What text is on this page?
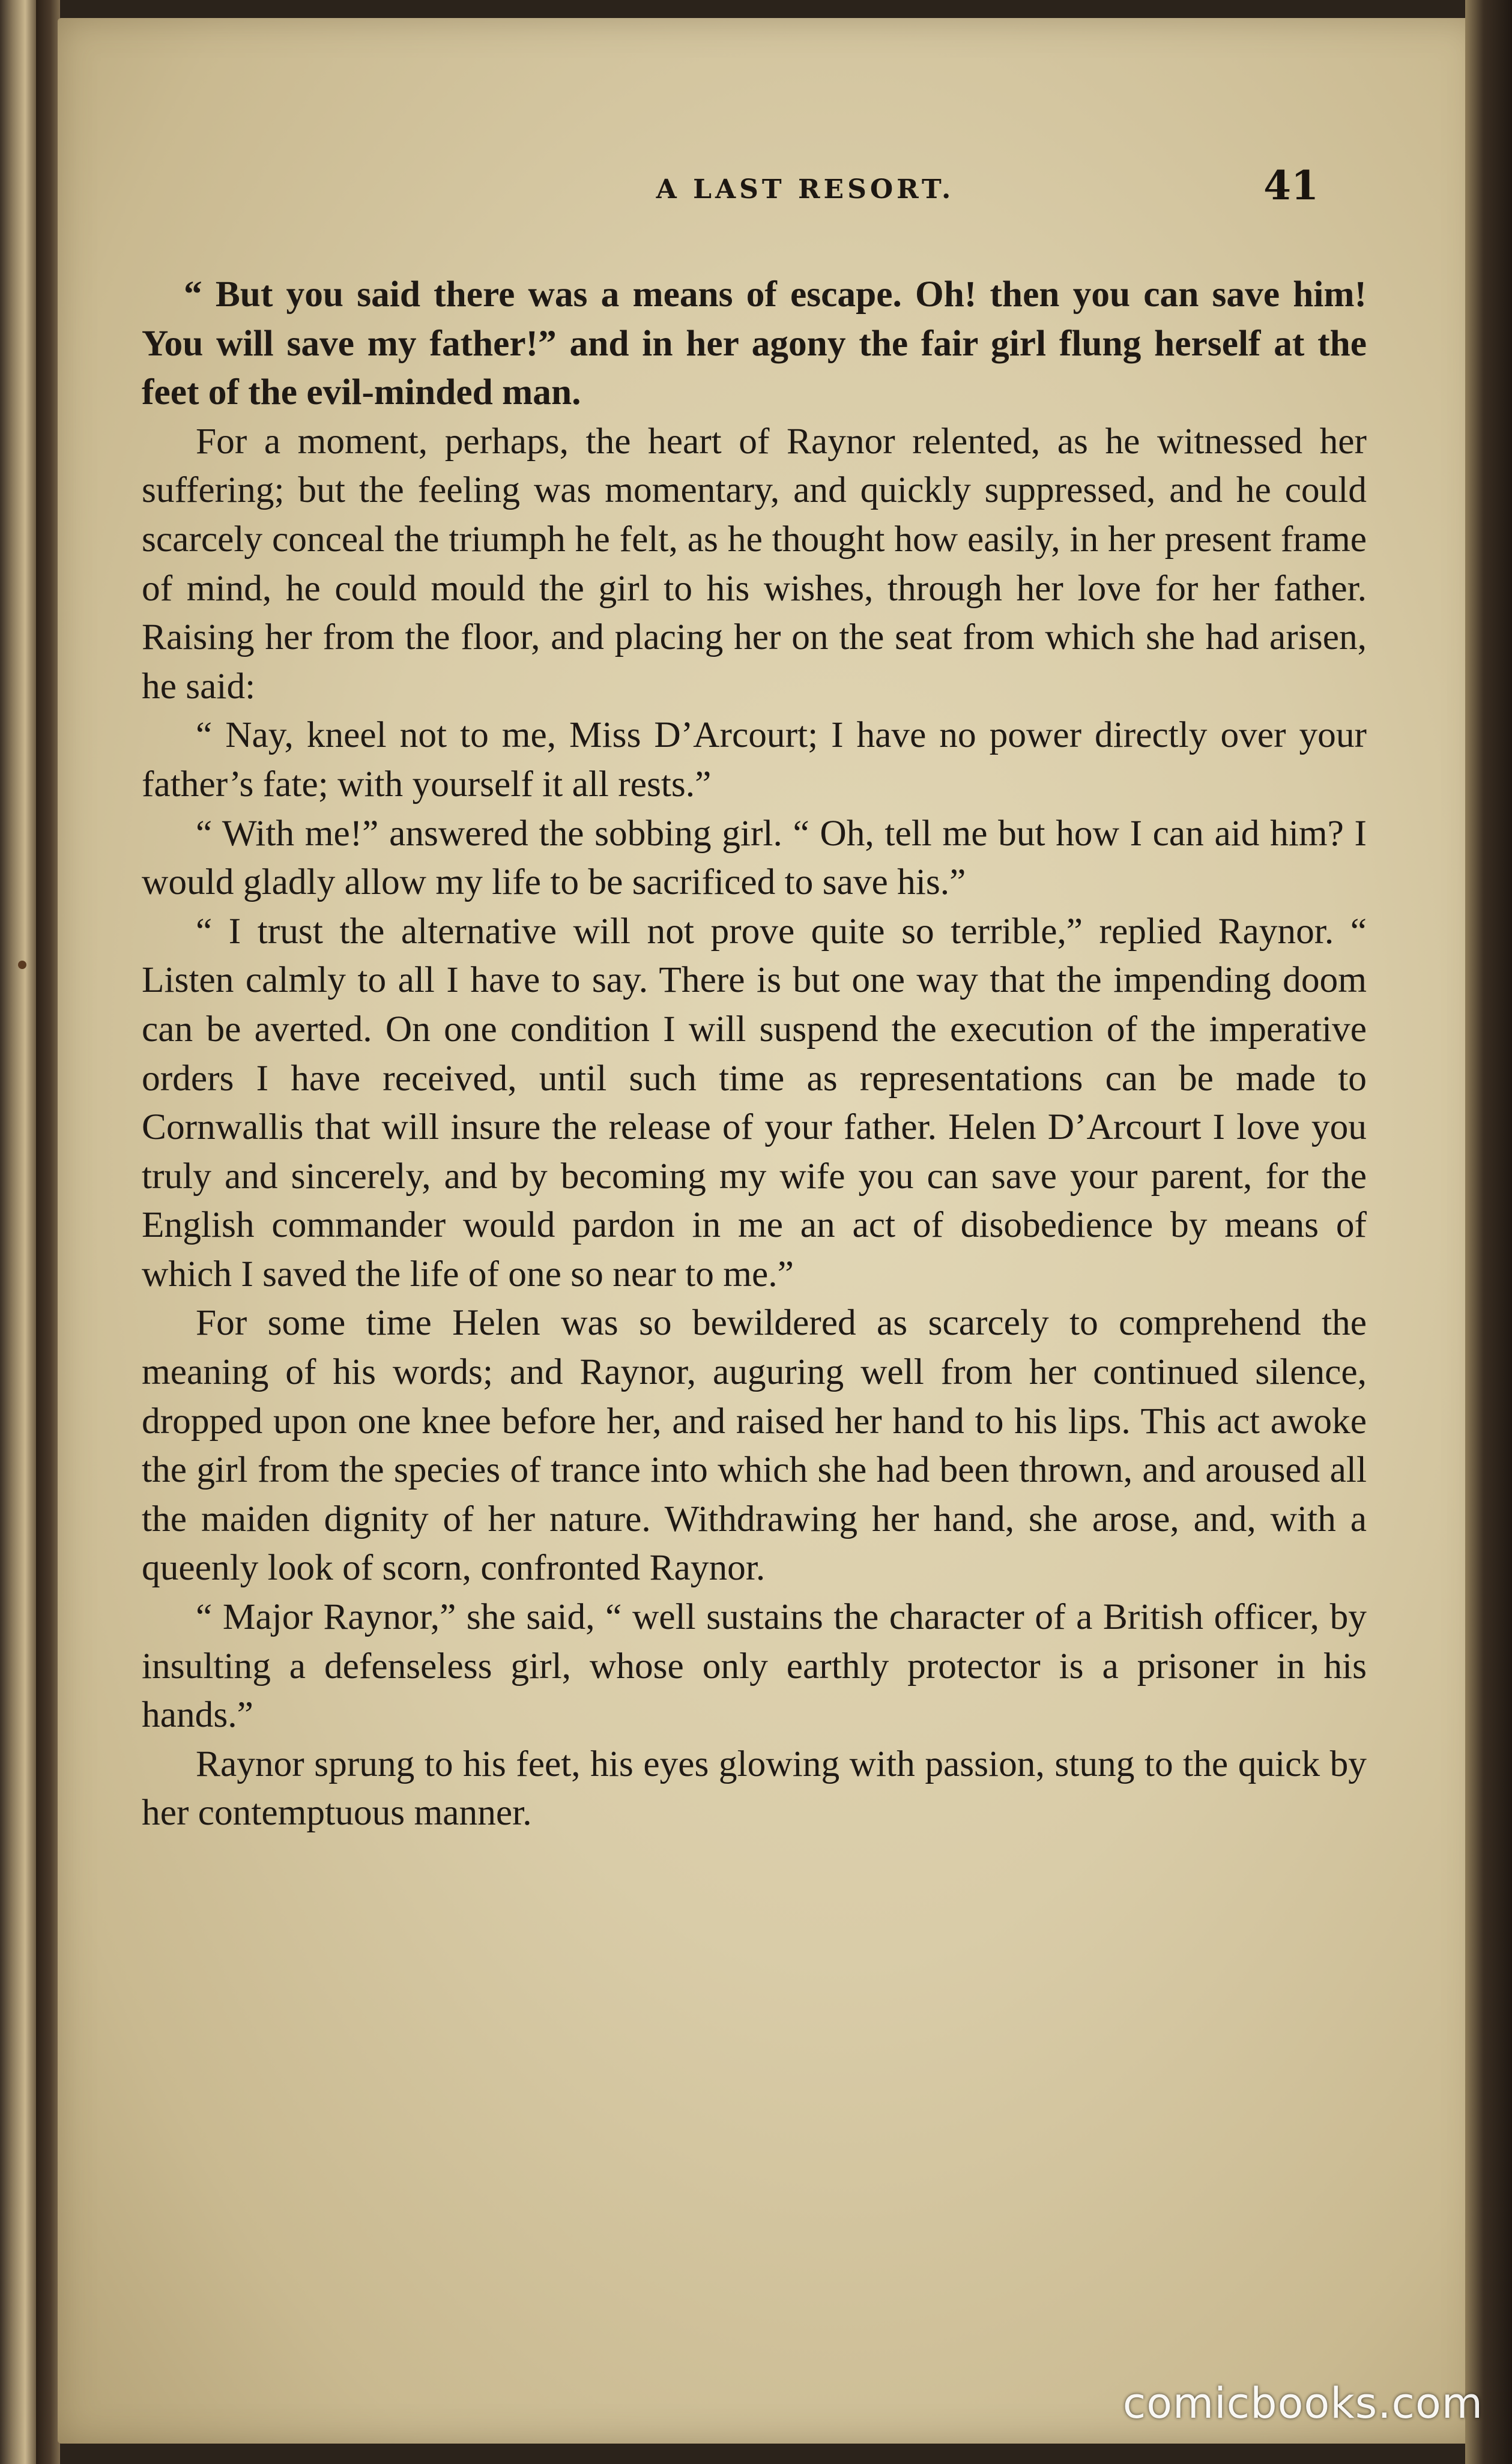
A LAST RESORT.	41

“ But you said there was a means of escape. Oh! then you can save him! You will save my father!” and in her agony the fair girl flung herself at the feet of the evil-minded man.

For a moment, perhaps, the heart of Raynor relented, as he witnessed her suffering; but the feeling was momentary, and quickly suppressed, and he could scarcely conceal the triumph he felt, as he thought how easily, in her present frame of mind, he could mould the girl to his wishes, through her love for her father. Raising her from the floor, and placing her on the seat from which she had arisen, he said:

“ Nay, kneel not to me, Miss D’Arcourt; I have no power directly over your father’s fate; with yourself it all rests.”

“ With me!” answered the sobbing girl. “ Oh, tell me but how I can aid him? I would gladly allow my life to be sacrificed to save his.”

“ I trust the alternative will not prove quite so terrible,” replied Raynor. “ Listen calmly to all I have to say. There is but one way that the impending doom can be averted. On one condition I will suspend the execution of the imperative orders I have received, until such time as representations can be made to Cornwallis that will insure the release of your father. Helen D’Arcourt I love you truly and sincerely, and by becoming my wife you can save your parent, for the English commander would pardon in me an act of disobedience by means of which I saved the life of one so near to me.”

For some time Helen was so bewildered as scarcely to comprehend the meaning of his words; and Raynor, auguring well from her continued silence, dropped upon one knee before her, and raised her hand to his lips. This act awoke the girl from the species of trance into which she had been thrown, and aroused all the maiden dignity of her nature. Withdrawing her hand, she arose, and, with a queenly look of scorn, confronted Raynor.

“ Major Raynor,” she said, “ well sustains the character of a British officer, by insulting a defenseless girl, whose only earthly protector is a prisoner in his hands.”

Raynor sprung to his feet, his eyes glowing with passion, stung to the quick by her contemptuous manner.

comicbooks.com
